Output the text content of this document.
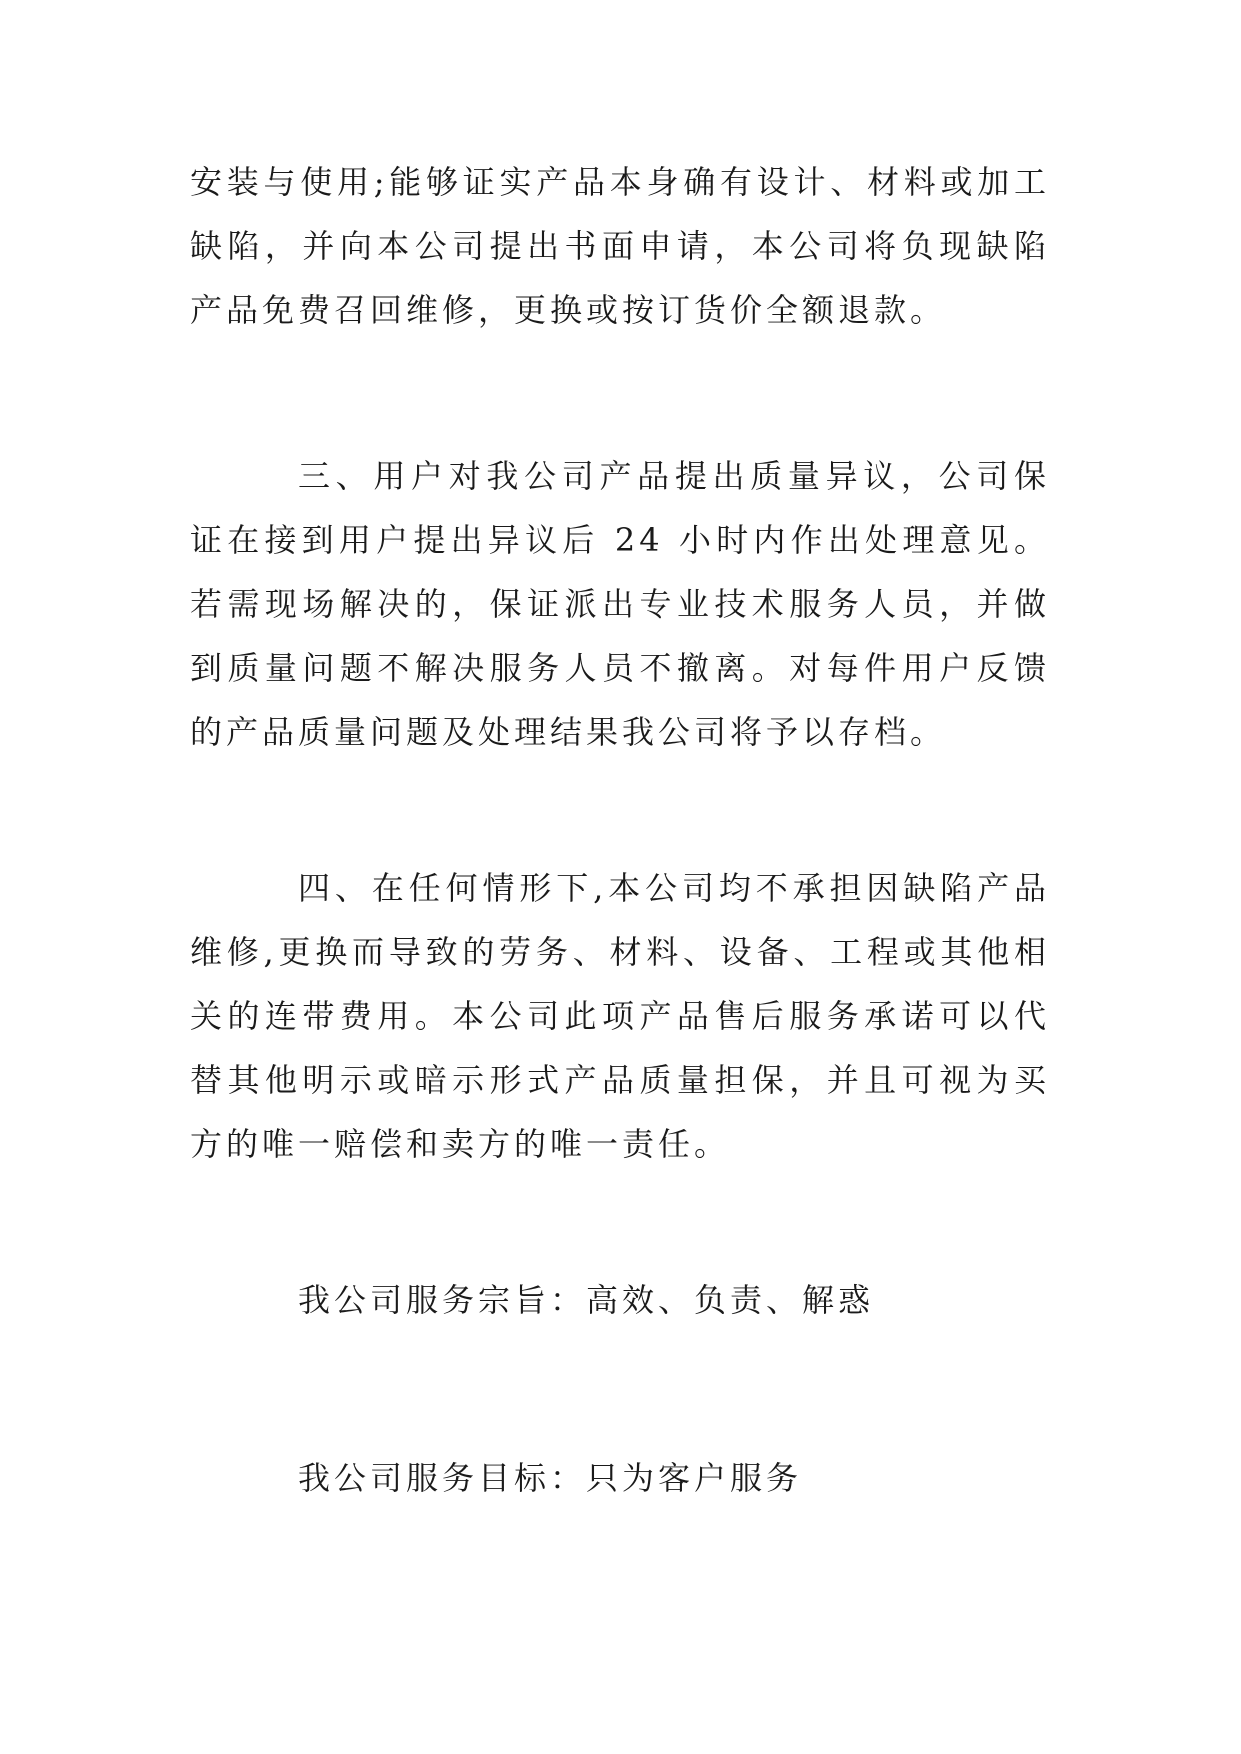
安装与使用;能够证实产品本身确有设计、材料或加工缺陷，并向本公司提出书面申请，本公司将负现缺陷产品免费召回维修，更换或按订货价全额退款。

三、用户对我公司产品提出质量异议，公司保证在接到用户提出异议后 24 小时内作出处理意见。若需现场解决的，保证派出专业技术服务人员，并做到质量问题不解决服务人员不撤离。对每件用户反馈的产品质量问题及处理结果我公司将予以存档。

四、在任何情形下,本公司均不承担因缺陷产品维修,更换而导致的劳务、材料、设备、工程或其他相关的连带费用。本公司此项产品售后服务承诺可以代替其他明示或暗示形式产品质量担保，并且可视为买方的唯一赔偿和卖方的唯一责任。

我公司服务宗旨：高效、负责、解惑

我公司服务目标：只为客户服务
